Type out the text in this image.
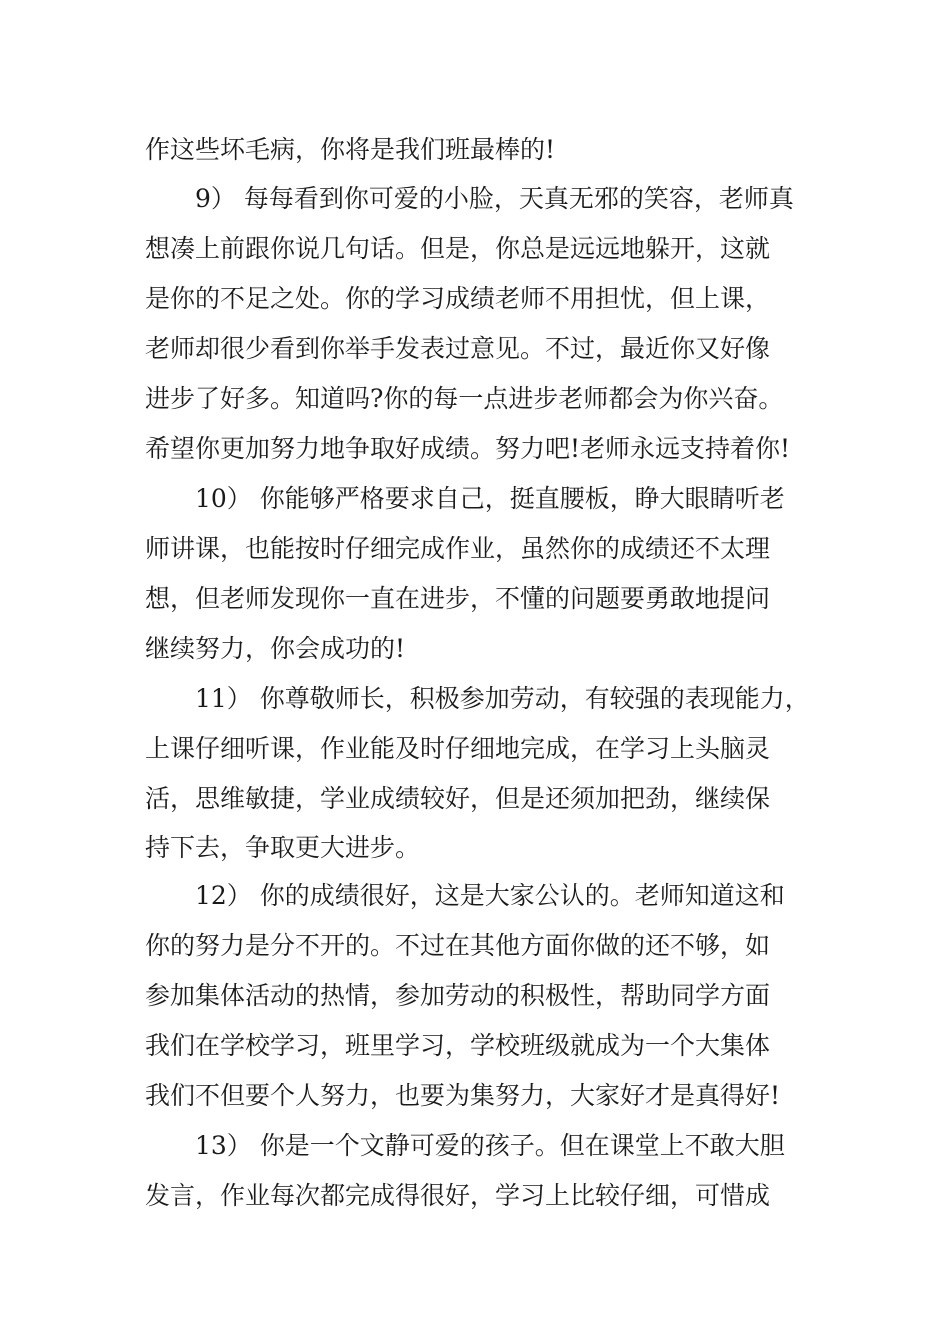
作这些坏毛病，你将是我们班最棒的!
9） 每每看到你可爱的小脸，天真无邪的笑容，老师真
想凑上前跟你说几句话。但是，你总是远远地躲开，这就
是你的不足之处。你的学习成绩老师不用担忧，但上课，
老师却很少看到你举手发表过意见。不过，最近你又好像
进步了好多。知道吗?你的每一点进步老师都会为你兴奋。
希望你更加努力地争取好成绩。努力吧!老师永远支持着你!
10） 你能够严格要求自己，挺直腰板，睁大眼睛听老
师讲课，也能按时仔细完成作业，虽然你的成绩还不太理
想，但老师发现你一直在进步，不懂的问题要勇敢地提问
继续努力，你会成功的!
11） 你尊敬师长，积极参加劳动，有较强的表现能力，
上课仔细听课，作业能及时仔细地完成，在学习上头脑灵
活，思维敏捷，学业成绩较好，但是还须加把劲，继续保
持下去，争取更大进步。
12） 你的成绩很好，这是大家公认的。老师知道这和
你的努力是分不开的。不过在其他方面你做的还不够，如
参加集体活动的热情，参加劳动的积极性，帮助同学方面
我们在学校学习，班里学习，学校班级就成为一个大集体
我们不但要个人努力，也要为集努力，大家好才是真得好!
13） 你是一个文静可爱的孩子。但在课堂上不敢大胆
发言，作业每次都完成得很好，学习上比较仔细，可惜成
